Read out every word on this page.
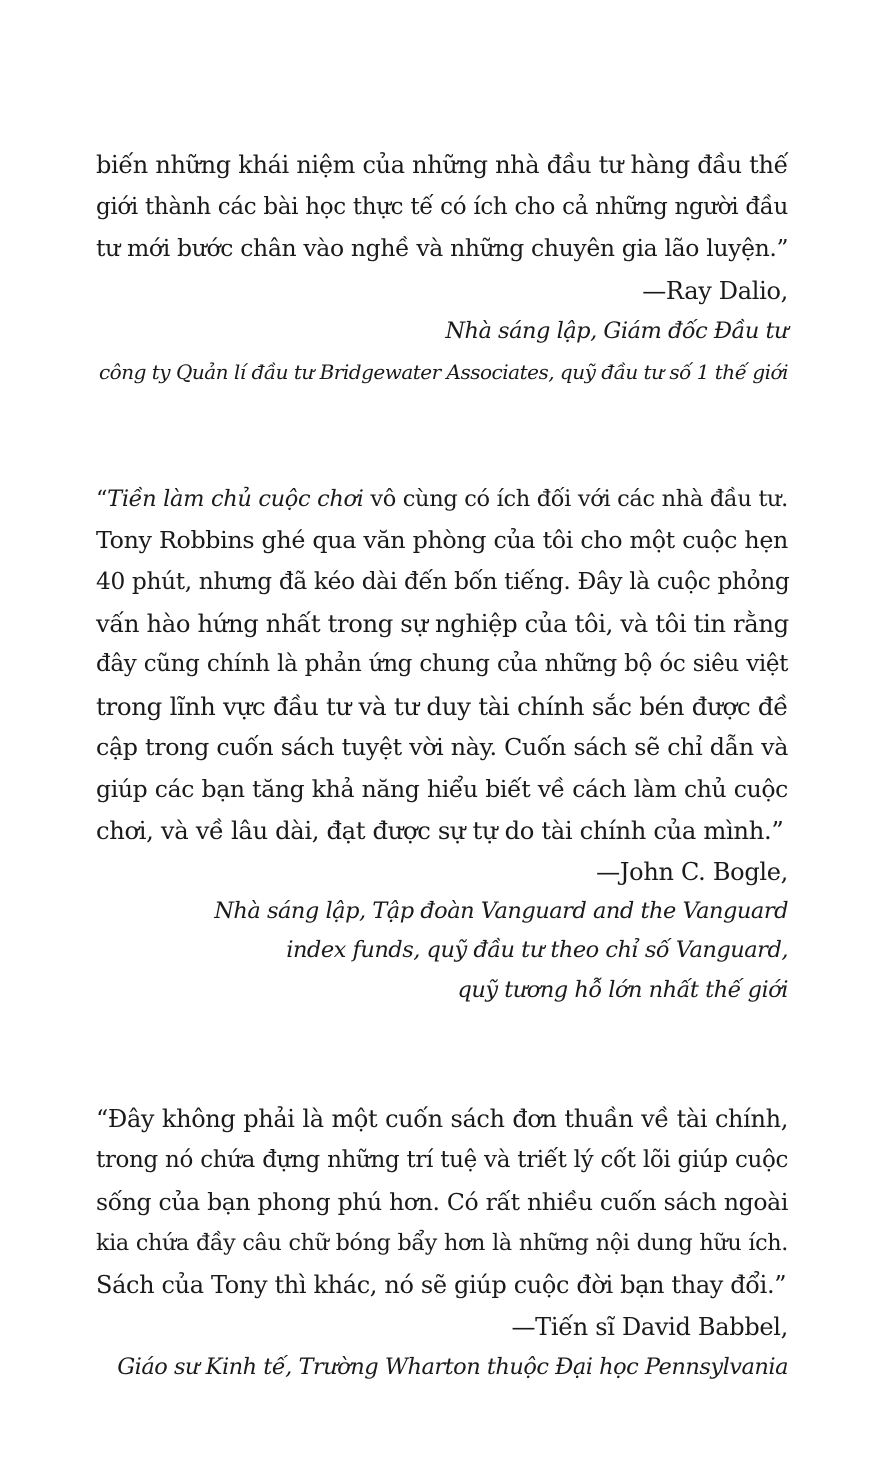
biến những khái niệm của những nhà đầu tư hàng đầu thế
giới thành các bài học thực tế có ích cho cả những người đầu
tư mới bước chân vào nghề và những chuyên gia lão luyện.”
—Ray Dalio,
Nhà sáng lập, Giám đốc Đầu tư
công ty Quản lí đầu tư Bridgewater Associates, quỹ đầu tư số 1 thế giới
“Tiền làm chủ cuộc chơi vô cùng có ích đối với các nhà đầu tư.
Tony Robbins ghé qua văn phòng của tôi cho một cuộc hẹn
40 phút, nhưng đã kéo dài đến bốn tiếng. Đây là cuộc phỏng
vấn hào hứng nhất trong sự nghiệp của tôi, và tôi tin rằng
đây cũng chính là phản ứng chung của những bộ óc siêu việt
trong lĩnh vực đầu tư và tư duy tài chính sắc bén được đề
cập trong cuốn sách tuyệt vời này. Cuốn sách sẽ chỉ dẫn và
giúp các bạn tăng khả năng hiểu biết về cách làm chủ cuộc
chơi, và về lâu dài, đạt được sự tự do tài chính của mình.”
—John C. Bogle,
Nhà sáng lập, Tập đoàn Vanguard and the Vanguard
index funds, quỹ đầu tư theo chỉ số Vanguard,
quỹ tương hỗ lớn nhất thế giới
“Đây không phải là một cuốn sách đơn thuần về tài chính,
trong nó chứa đựng những trí tuệ và triết lý cốt lõi giúp cuộc
sống của bạn phong phú hơn. Có rất nhiều cuốn sách ngoài
kia chứa đầy câu chữ bóng bẩy hơn là những nội dung hữu ích.
Sách của Tony thì khác, nó sẽ giúp cuộc đời bạn thay đổi.”
—Tiến sĩ David Babbel,
Giáo sư Kinh tế, Trường Wharton thuộc Đại học Pennsylvania
